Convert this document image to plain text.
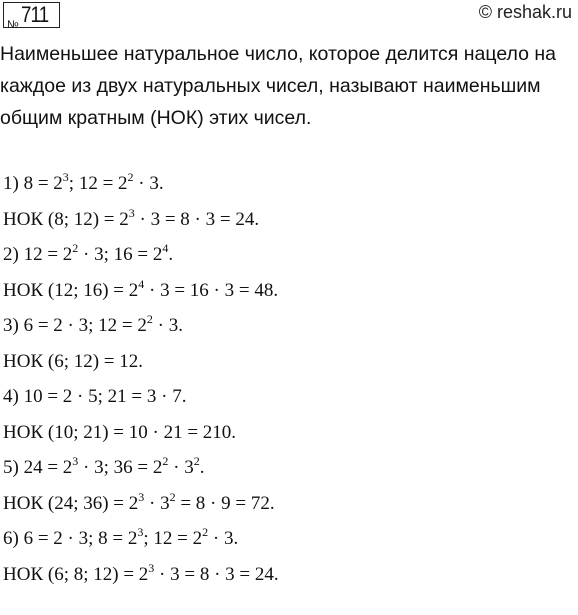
№ 711	© reshak.ru
Наименьшее натуральное число, которое делится нацело на
каждое из двух натуральных чисел, называют наименьшим
общим кратным (НОК) этих чисел.
1) $8 = 2^3$; $12 = 2^2 \cdot 3$.
НОК (8; $12) = 2^3 \cdot 3 = 8 \cdot 3 = 24$.
2) $12 = 2^2 \cdot 3$; $16 = 2^4$.
НОК (12; $16) = 2^4 \cdot 3 = 16 \cdot 3 = 48$.
3) 6 = 2 · 3; $12 = 2^2 \cdot 3$.
НОК (6; 12) = 12.
4) 10 = 2 · 5; 21 = 3 · 7.
НОК (10; 21) = 10 · 21 = 210.
5) $24 = 2^3 \cdot 3$; $36 = 2^2 \cdot 3^2$.
НОК (24; $36) = 2^3 \cdot 3^2 = 8 \cdot 9 = 72$.
6) 6 = 2 · 3; $8 = 2^3$; $12 = 2^2 \cdot 3$.
НОК (6; 8; $12) = 2^3 \cdot 3 = 8 \cdot 3 = 24$.
